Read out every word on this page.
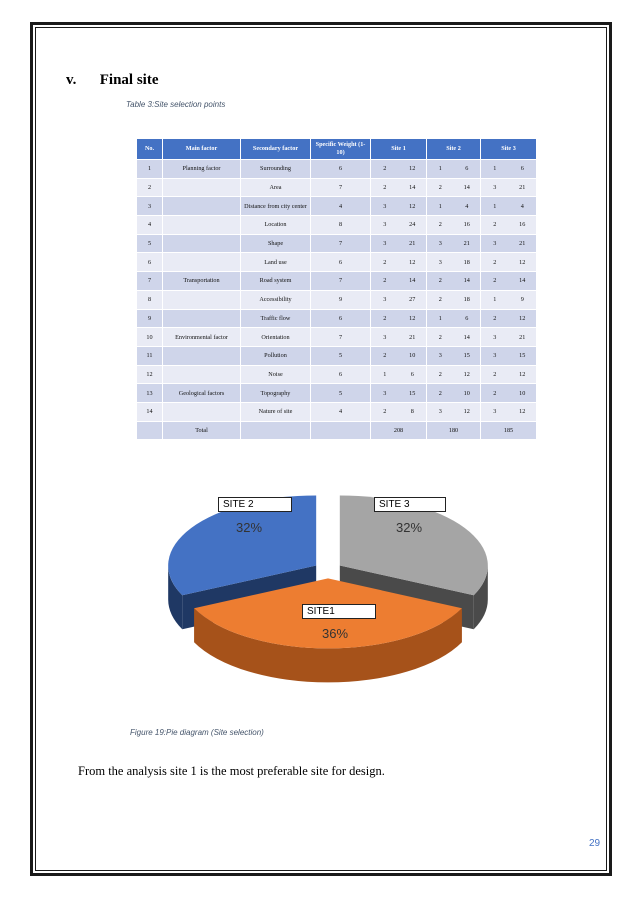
v. Final site
Table 3:Site selection points
No.	Main factor	Secondary factor	Specific Weight (1-10)	Site 1	Site 2	Site 3
1	Planning factor	Surrounding	6	2 12	1 6	1 6

2		Area	7	2 14	2 14	3 21

3		Distance from city center	4	3 12	1 4	1 4

4		Location	8	3 24	2 16	2 16

5		Shape	7	3 21	3 21	3 21

6		Land use	6	2 12	3 18	2 12

7	Transportation	Road system	7	2 14	2 14	2 14

8		Accessibility	9	3 27	2 18	1 9

9		Traffic flow	6	2 12	1 6	2 12

10	Environmental factor	Orientation	7	3 21	2 14	3 21

11		Pollution	5	2 10	3 15	3 15

12		Noise	6	1 6	2 12	2 12

13	Geological factors	Topography	5	3 15	2 10	2 10

14		Nature of site	4	2 8	3 12	3 12

	Total			208	180	185
SITE 2
32%
SITE 3
32%
SITE1
36%
Figure 19:Pie diagram (Site selection)
From the analysis site 1 is the most preferable site for design.
29
